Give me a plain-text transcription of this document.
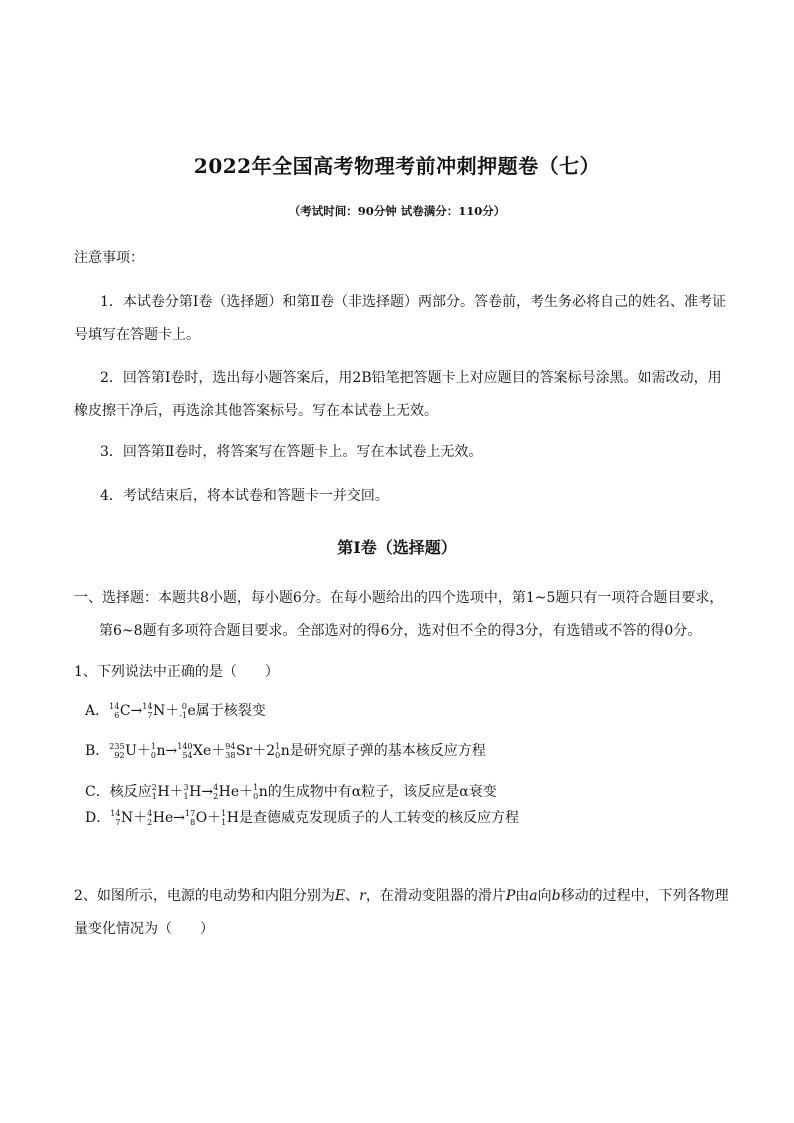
2022年全国高考物理考前冲刺押题卷（七）
（考试时间：90分钟 试卷满分：110分）
注意事项：
1．本试卷分第Ⅰ卷（选择题）和第Ⅱ卷（非选择题）两部分。答卷前，考生务必将自己的姓名、准考证号填写在答题卡上。
2．回答第Ⅰ卷时，选出每小题答案后，用2B铅笔把答题卡上对应题目的答案标号涂黑。如需改动，用橡皮擦干净后，再选涂其他答案标号。写在本试卷上无效。
3．回答第Ⅱ卷时，将答案写在答题卡上。写在本试卷上无效。
4．考试结束后，将本试卷和答题卡一并交回。
第Ⅰ卷（选择题）
一、选择题：本题共8小题，每小题6分。在每小题给出的四个选项中，第1~5题只有一项符合题目要求，
第6~8题有多项符合题目要求。全部选对的得6分，选对但不全的得3分，有选错或不答的得0分。
1、下列说法中正确的是（　　）
A． 14
6 C→ 14
7 N＋ 0
-1 e属于核裂变
B． 235
92 U＋ 1
0 n→ 140
54 Xe＋ 94
38 Sr＋2 1
0 n是研究原子弹的基本核反应方程
C．核反应 2
1 H＋ 3
1 H→ 4
2 He＋ 1
0 n的生成物中有α粒子，该反应是α衰变
D． 14
7 N＋ 4
2 He→ 17
8 O＋ 1
1 H是查德威克发现质子的人工转变的核反应方程
2、如图所示，电源的电动势和内阻分别为E、r，在滑动变阻器的滑片P由a向b移动的过程中，下列各物理量变化情况为（　　）
